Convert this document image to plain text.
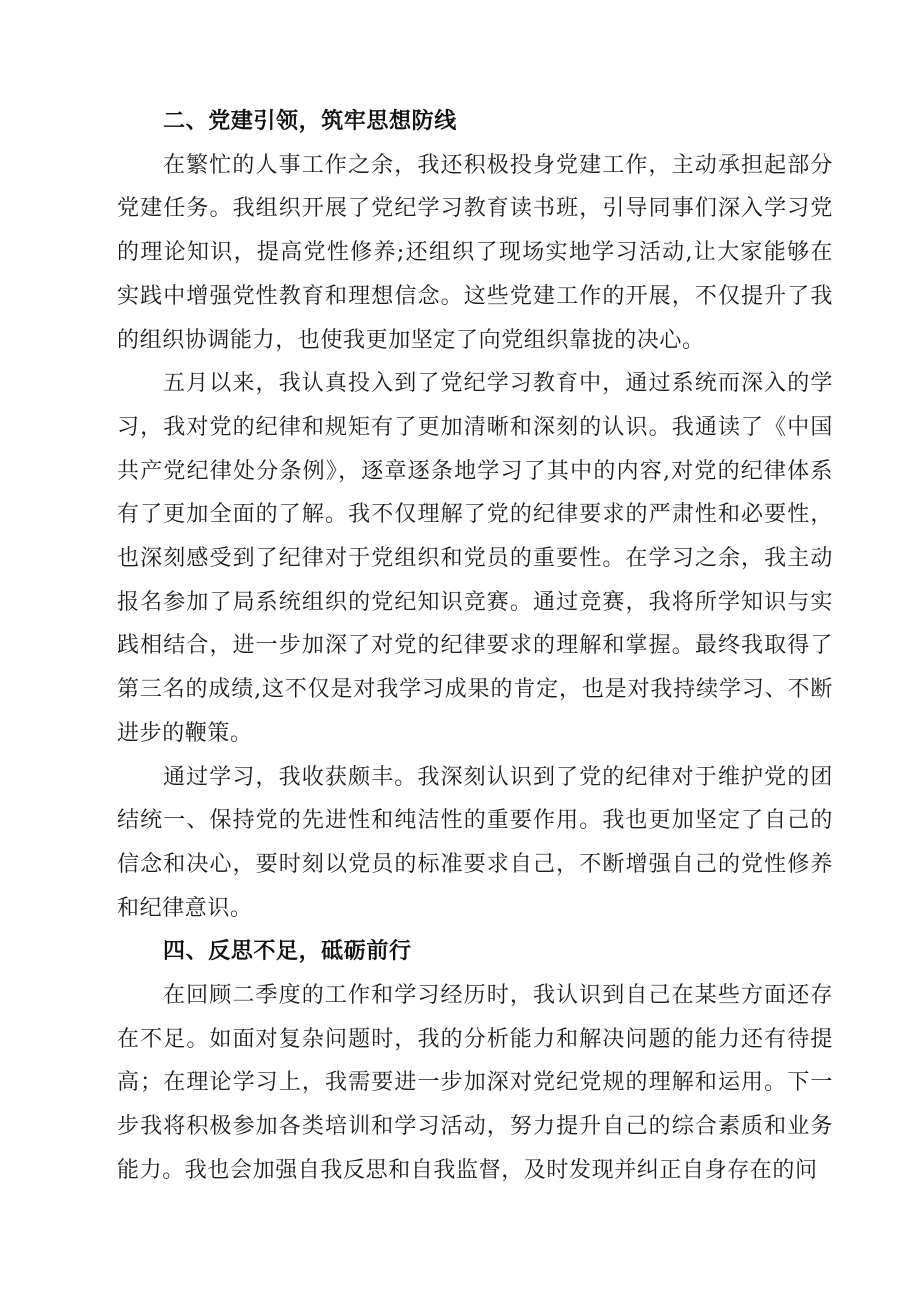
二、党建引领，筑牢思想防线

在繁忙的人事工作之余，我还积极投身党建工作，主动承担起部分党建任务。我组织开展了党纪学习教育读书班，引导同事们深入学习党的理论知识，提高党性修养;还组织了现场实地学习活动,让大家能够在实践中增强党性教育和理想信念。这些党建工作的开展，不仅提升了我的组织协调能力，也使我更加坚定了向党组织靠拢的决心。

五月以来，我认真投入到了党纪学习教育中，通过系统而深入的学习，我对党的纪律和规矩有了更加清晰和深刻的认识。我通读了《中国共产党纪律处分条例》，逐章逐条地学习了其中的内容,对党的纪律体系有了更加全面的了解。我不仅理解了党的纪律要求的严肃性和必要性，也深刻感受到了纪律对于党组织和党员的重要性。在学习之余，我主动报名参加了局系统组织的党纪知识竞赛。通过竞赛，我将所学知识与实践相结合，进一步加深了对党的纪律要求的理解和掌握。最终我取得了第三名的成绩,这不仅是对我学习成果的肯定，也是对我持续学习、不断进步的鞭策。

通过学习，我收获颇丰。我深刻认识到了党的纪律对于维护党的团结统一、保持党的先进性和纯洁性的重要作用。我也更加坚定了自己的信念和决心，要时刻以党员的标准要求自己，不断增强自己的党性修养和纪律意识。

四、反思不足，砥砺前行

在回顾二季度的工作和学习经历时，我认识到自己在某些方面还存在不足。如面对复杂问题时，我的分析能力和解决问题的能力还有待提高；在理论学习上，我需要进一步加深对党纪党规的理解和运用。下一步我将积极参加各类培训和学习活动，努力提升自己的综合素质和业务能力。我也会加强自我反思和自我监督，及时发现并纠正自身存在的问
